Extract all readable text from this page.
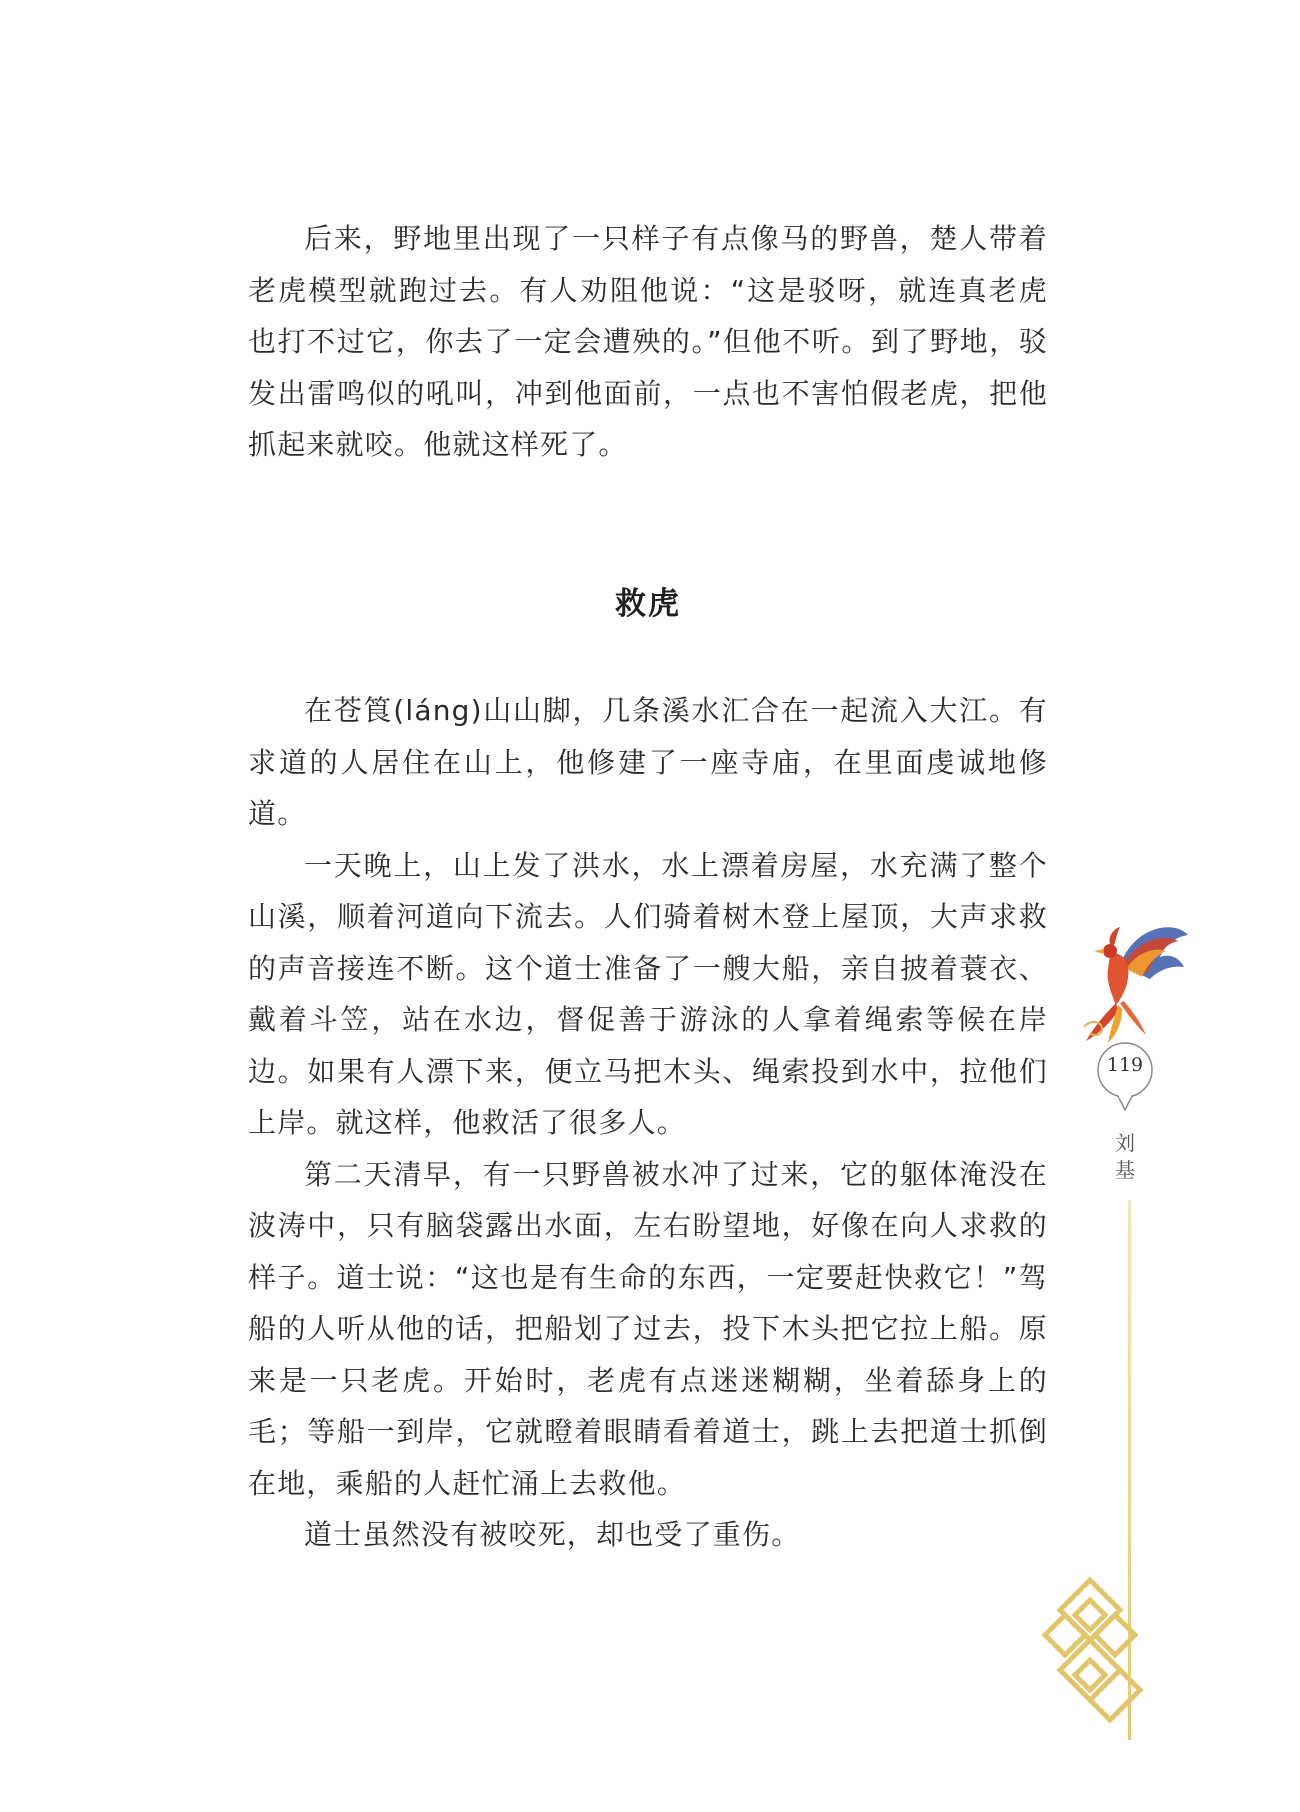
后来，野地里出现了一只样子有点像马的野兽，楚人带着老虎模型就跑过去。有人劝阻他说：“这是驳呀，就连真老虎也打不过它，你去了一定会遭殃的。”但他不听。到了野地，驳发出雷鸣似的吼叫，冲到他面前，一点也不害怕假老虎，把他抓起来就咬。他就这样死了。

救虎

在苍筤(láng)山山脚，几条溪水汇合在一起流入大江。有求道的人居住在山上，他修建了一座寺庙，在里面虔诚地修道。

一天晚上，山上发了洪水，水上漂着房屋，水充满了整个山溪，顺着河道向下流去。人们骑着树木登上屋顶，大声求救的声音接连不断。这个道士准备了一艘大船，亲自披着蓑衣、戴着斗笠，站在水边，督促善于游泳的人拿着绳索等候在岸边。如果有人漂下来，便立马把木头、绳索投到水中，拉他们上岸。就这样，他救活了很多人。

第二天清早，有一只野兽被水冲了过来，它的躯体淹没在波涛中，只有脑袋露出水面，左右盼望地，好像在向人求救的样子。道士说：“这也是有生命的东西，一定要赶快救它！”驾船的人听从他的话，把船划了过去，投下木头把它拉上船。原来是一只老虎。开始时，老虎有点迷迷糊糊，坐着舔身上的毛；等船一到岸，它就瞪着眼睛看着道士，跳上去把道士抓倒在地，乘船的人赶忙涌上去救他。

道士虽然没有被咬死，却也受了重伤。

119
刘基
